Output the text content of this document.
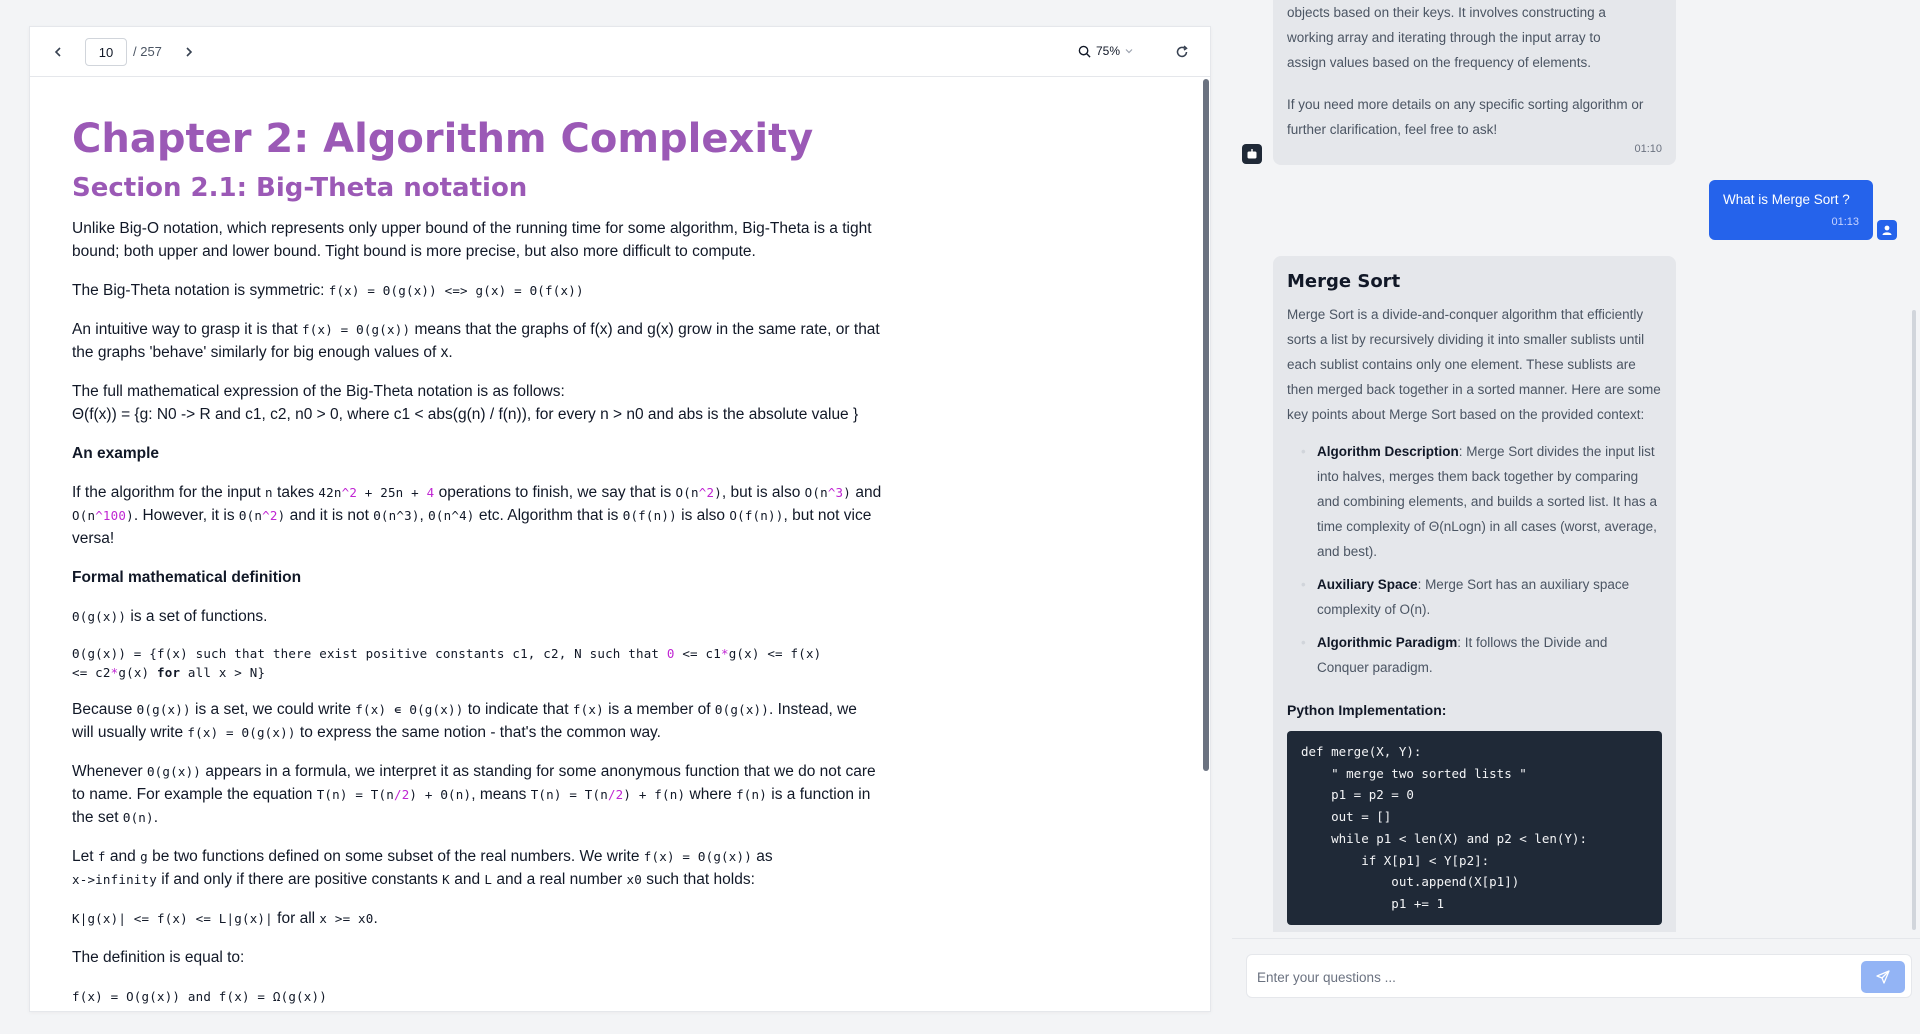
10
/ 257	75%
Chapter 2: Algorithm Complexity
Section 2.1: Big-Theta notation

Unlike Big-O notation, which represents only upper bound of the running time for some algorithm, Big-Theta is a tight bound; both upper and lower bound. Tight bound is more precise, but also more difficult to compute.

The Big-Theta notation is symmetric: f(x) = Θ(g(x)) <=> g(x) = Θ(f(x))

An intuitive way to grasp it is that f(x) = Θ(g(x)) means that the graphs of f(x) and g(x) grow in the same rate, or that the graphs 'behave' similarly for big enough values of x.

The full mathematical expression of the Big-Theta notation is as follows:
Θ(f(x)) = {g: N0 -> R and c1, c2, n0 > 0, where c1 < abs(g(n) / f(n)), for every n > n0 and abs is the absolute value }

An example

If the algorithm for the input n takes 42n^2 + 25n + 4 operations to finish, we say that is O(n^2), but is also O(n^3) and O(n^100). However, it is Θ(n^2) and it is not Θ(n^3), Θ(n^4) etc. Algorithm that is Θ(f(n)) is also O(f(n)), but not vice versa!

Formal mathematical definition

Θ(g(x)) is a set of functions.

Θ(g(x)) = {f(x) such that there exist positive constants c1, c2, N such that 0 <= c1*g(x) <= f(x)
<= c2*g(x) for all x > N}

Because Θ(g(x)) is a set, we could write f(x) ∊ Θ(g(x)) to indicate that f(x) is a member of Θ(g(x)). Instead, we will usually write f(x) = Θ(g(x)) to express the same notion - that's the common way.

Whenever Θ(g(x)) appears in a formula, we interpret it as standing for some anonymous function that we do not care to name. For example the equation T(n) = T(n/2) + Θ(n), means T(n) = T(n/2) + f(n) where f(n) is a function in the set Θ(n).

Let f and g be two functions defined on some subset of the real numbers. We write f(x) = Θ(g(x)) as
x->infinity if and only if there are positive constants K and L and a real number x0 such that holds:

K|g(x)| <= f(x) <= L|g(x)| for all x >= x0.

The definition is equal to:

f(x) = O(g(x)) and f(x) = Ω(g(x))

objects based on their keys. It involves constructing a
working array and iterating through the input array to
assign values based on the frequency of elements.
If you need more details on any specific sorting algorithm or further clarification, feel free to ask!
01:10
What is Merge Sort ?
01:13
Merge Sort
Merge Sort is a divide-and-conquer algorithm that efficiently sorts a list by recursively dividing it into smaller sublists until each sublist contains only one element. These sublists are then merged back together in a sorted manner. Here are some key points about Merge Sort based on the provided context:
• Algorithm Description: Merge Sort divides the input list into halves, merges them back together by comparing and combining elements, and builds a sorted list. It has a time complexity of Θ(nLogn) in all cases (worst, average, and best).
• Auxiliary Space: Merge Sort has an auxiliary space complexity of O(n).
• Algorithmic Paradigm: It follows the Divide and Conquer paradigm.
Python Implementation:
def merge(X, Y):
" merge two sorted lists "
p1 = p2 = 0
out = []
while p1 < len(X) and p2 < len(Y):
if X[p1] < Y[p2]:
out.append(X[p1])
p1 += 1
Enter your questions ...
